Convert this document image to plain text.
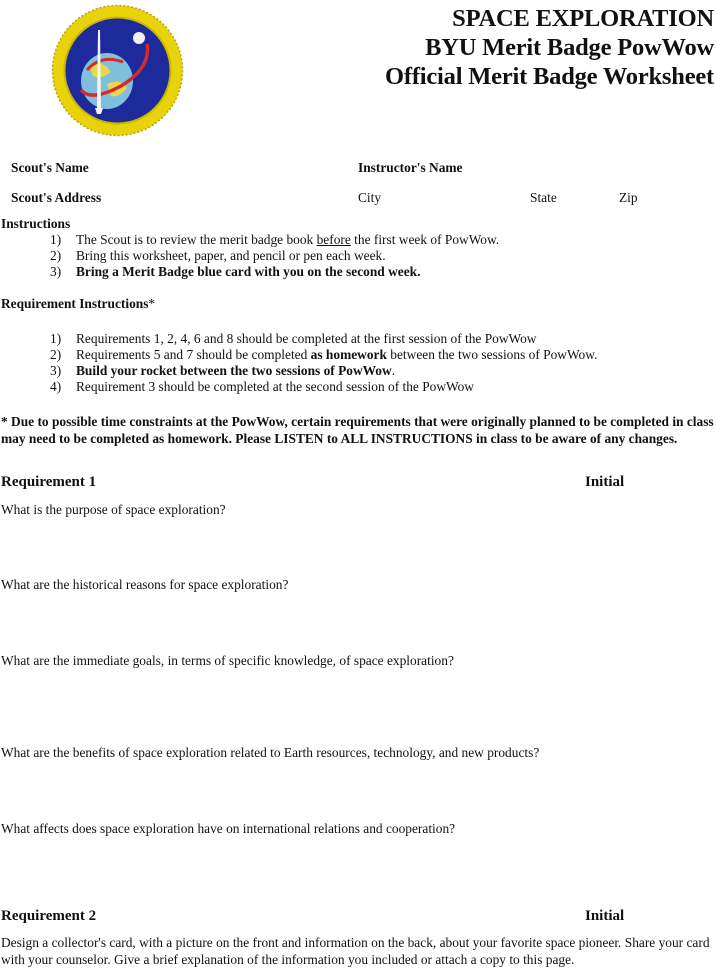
SPACE EXPLORATION
BYU Merit Badge PowWow
Official Merit Badge Worksheet
Scout's Name	Instructor's Name
Scout's Address	City	State	Zip
Instructions
1) The Scout is to review the merit badge book before the first week of PowWow.
2) Bring this worksheet, paper, and pencil or pen each week.
3) Bring a Merit Badge blue card with you on the second week.
Requirement Instructions*
1) Requirements 1, 2, 4, 6 and 8 should be completed at the first session of the PowWow
2) Requirements 5 and 7 should be completed as homework between the two sessions of PowWow.
3) Build your rocket between the two sessions of PowWow.
4) Requirement 3 should be completed at the second session of the PowWow
* Due to possible time constraints at the PowWow, certain requirements that were originally planned to be completed in class may need to be completed as homework. Please LISTEN to ALL INSTRUCTIONS in class to be aware of any changes.
Requirement 1	Initial
What is the purpose of space exploration?
What are the historical reasons for space exploration?
What are the immediate goals, in terms of specific knowledge, of space exploration?
What are the benefits of space exploration related to Earth resources, technology, and new products?
What affects does space exploration have on international relations and cooperation?
Requirement 2	Initial
Design a collector's card, with a picture on the front and information on the back, about your favorite space pioneer. Share your card with your counselor. Give a brief explanation of the information you included or attach a copy to this page.
